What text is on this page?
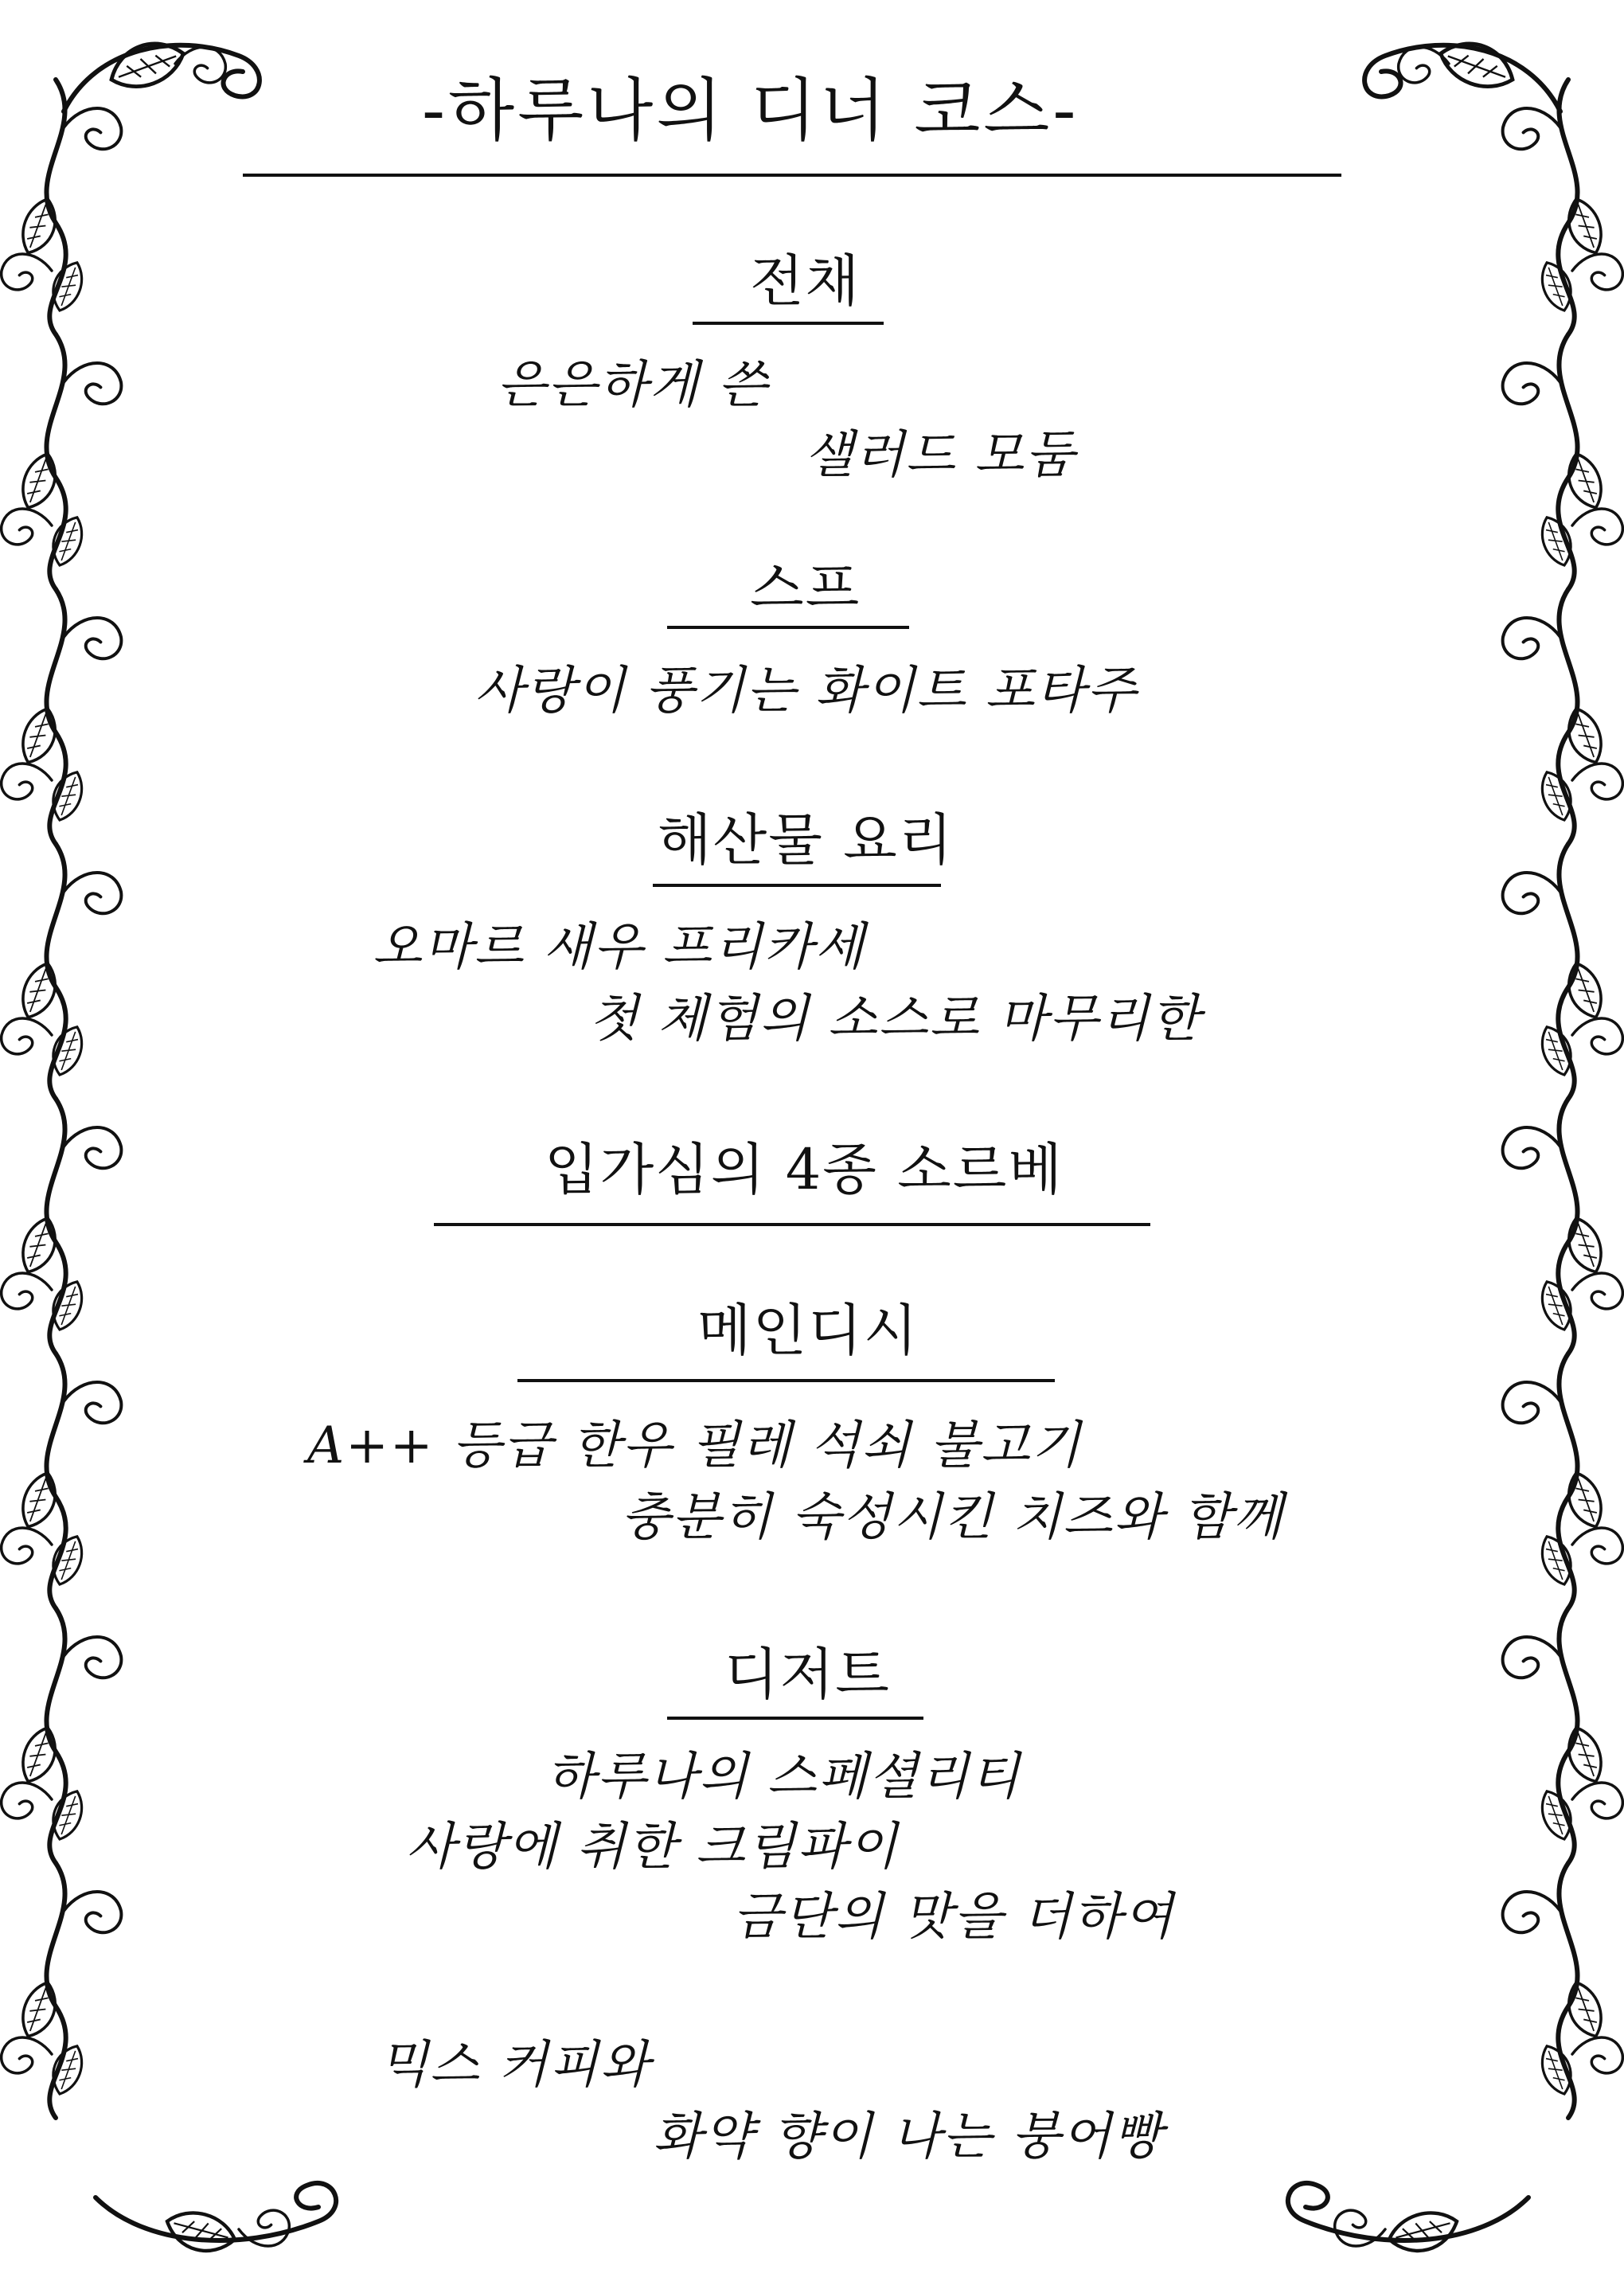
-하루나의 디너 코스-
전채
은은하게 쓴
샐러드 모둠
스프
사랑이 풍기는 화이트 포타주
해산물 요리
오마르 새우 프리카세
첫 체험의 소스로 마무리한
입가심의 4종 소르베
메인디시
A++ 등급 한우 필레 석쇠 불고기
충분히 숙성시킨 치즈와 함께
디저트
하루나의 스페셜리티
사랑에 취한 크림파이
금단의 맛을 더하여
믹스 커피와
화약 향이 나는 붕어빵
